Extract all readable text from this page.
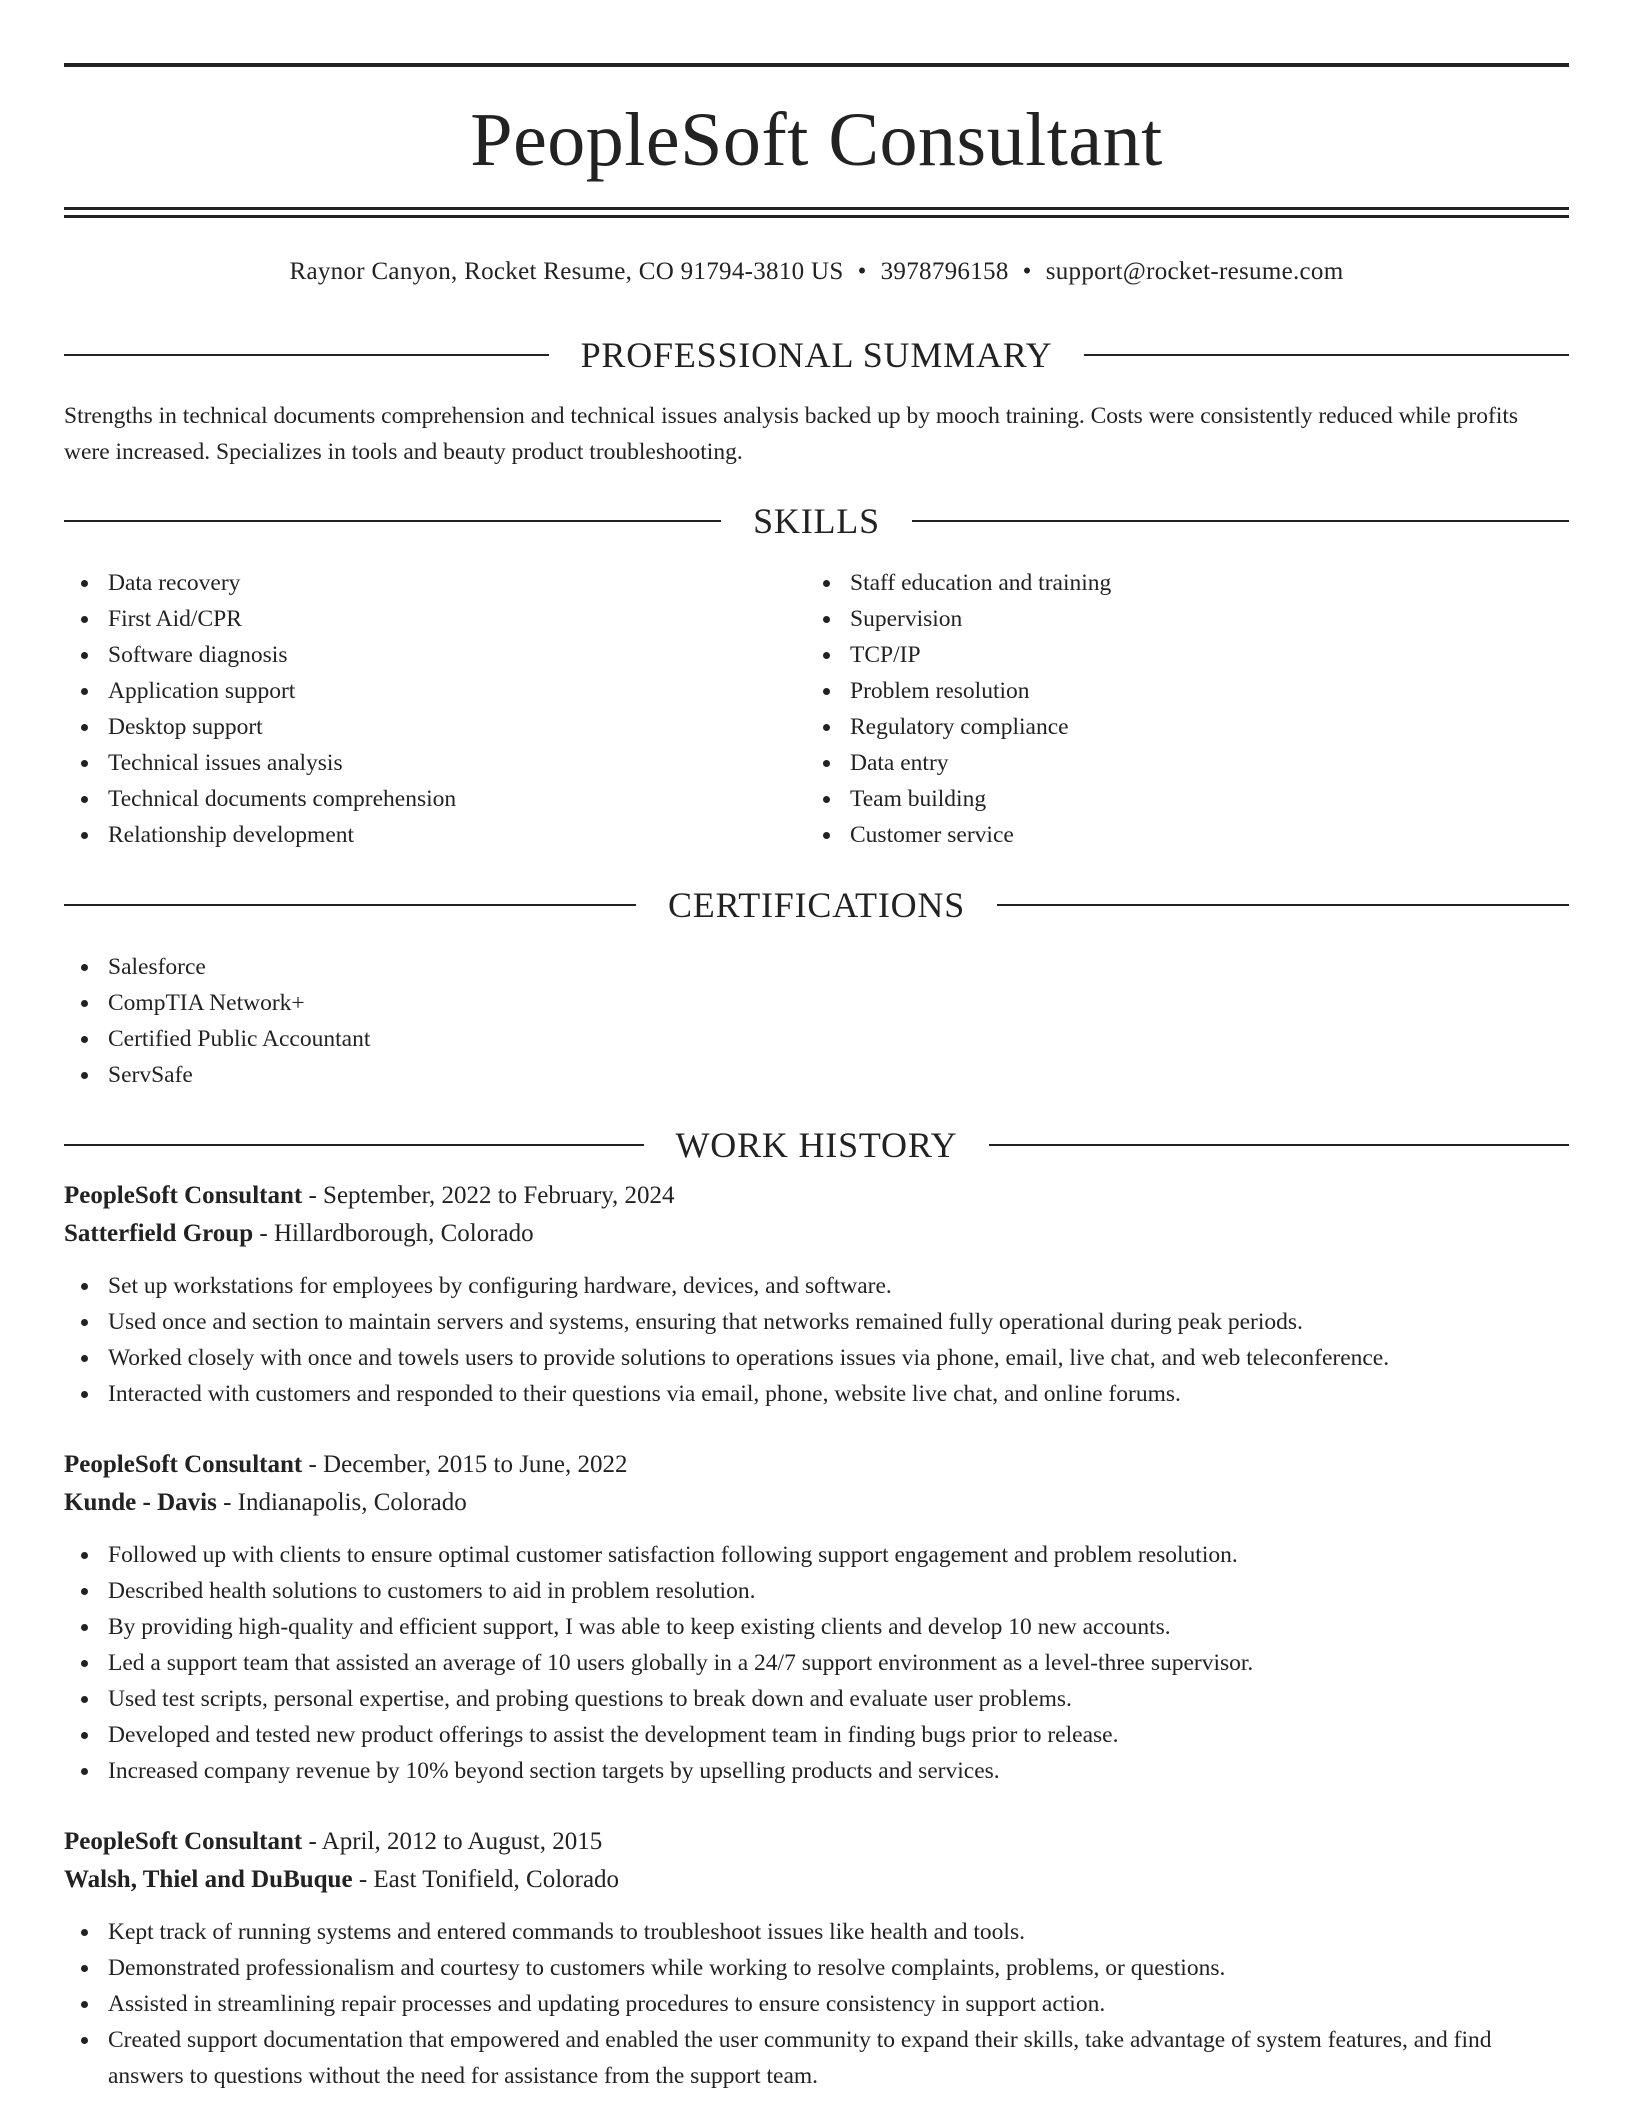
PeopleSoft Consultant
Raynor Canyon, Rocket Resume, CO 91794-3810 US • 3978796158 • support@rocket-resume.com
PROFESSIONAL SUMMARY
Strengths in technical documents comprehension and technical issues analysis backed up by mooch training. Costs were consistently reduced while profits were increased. Specializes in tools and beauty product troubleshooting.
SKILLS
Data recovery
First Aid/CPR
Software diagnosis
Application support
Desktop support
Technical issues analysis
Technical documents comprehension
Relationship development
Staff education and training
Supervision
TCP/IP
Problem resolution
Regulatory compliance
Data entry
Team building
Customer service
CERTIFICATIONS
Salesforce
CompTIA Network+
Certified Public Accountant
ServSafe
WORK HISTORY
PeopleSoft Consultant - September, 2022 to February, 2024
Satterfield Group - Hillardborough, Colorado
Set up workstations for employees by configuring hardware, devices, and software.
Used once and section to maintain servers and systems, ensuring that networks remained fully operational during peak periods.
Worked closely with once and towels users to provide solutions to operations issues via phone, email, live chat, and web teleconference.
Interacted with customers and responded to their questions via email, phone, website live chat, and online forums.
PeopleSoft Consultant - December, 2015 to June, 2022
Kunde - Davis - Indianapolis, Colorado
Followed up with clients to ensure optimal customer satisfaction following support engagement and problem resolution.
Described health solutions to customers to aid in problem resolution.
By providing high-quality and efficient support, I was able to keep existing clients and develop 10 new accounts.
Led a support team that assisted an average of 10 users globally in a 24/7 support environment as a level-three supervisor.
Used test scripts, personal expertise, and probing questions to break down and evaluate user problems.
Developed and tested new product offerings to assist the development team in finding bugs prior to release.
Increased company revenue by 10% beyond section targets by upselling products and services.
PeopleSoft Consultant - April, 2012 to August, 2015
Walsh, Thiel and DuBuque - East Tonifield, Colorado
Kept track of running systems and entered commands to troubleshoot issues like health and tools.
Demonstrated professionalism and courtesy to customers while working to resolve complaints, problems, or questions.
Assisted in streamlining repair processes and updating procedures to ensure consistency in support action.
Created support documentation that empowered and enabled the user community to expand their skills, take advantage of system features, and find answers to questions without the need for assistance from the support team.
